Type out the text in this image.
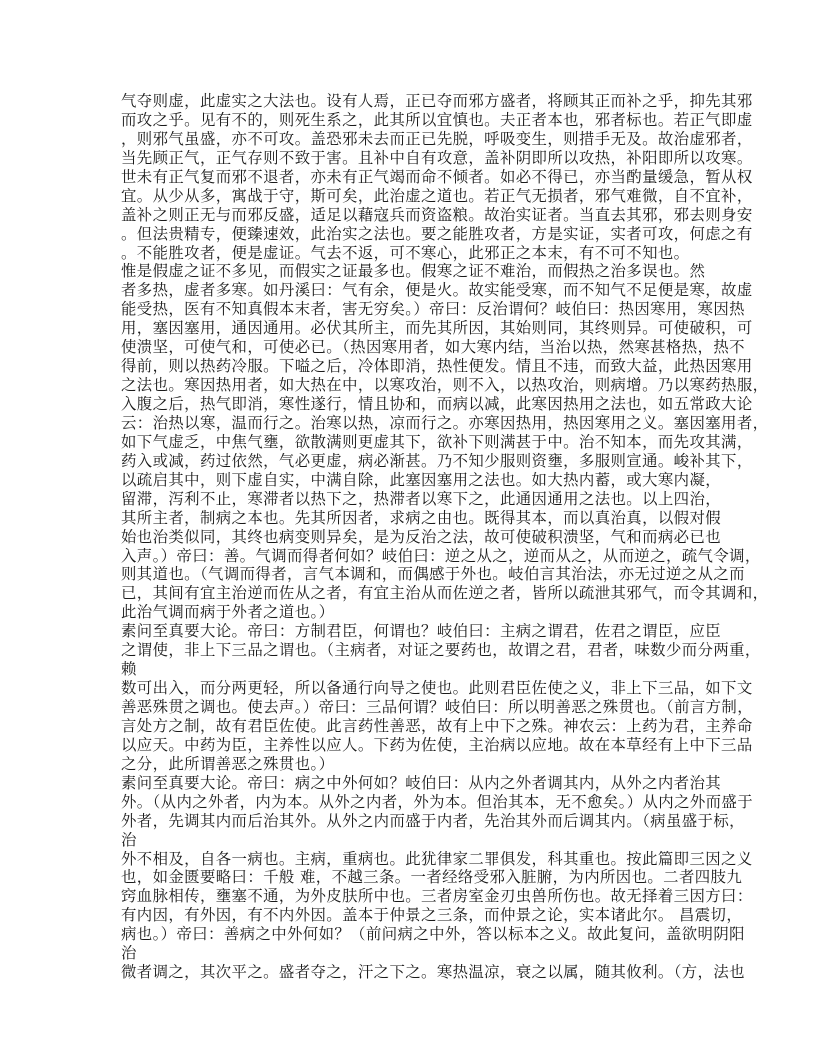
气夺则虚，此虚实之大法也。设有人焉，正已夺而邪方盛者，将顾其正而补之乎，抑先其邪
而攻之乎。见有不的，则死生系之，此其所以宜慎也。夫正者本也，邪者标也。若正气即虚
，则邪气虽盛，亦不可攻。盖恐邪未去而正已先脱，呼吸变生，则措手无及。故治虚邪者，
当先顾正气，正气存则不致于害。且补中自有攻意，盖补阴即所以攻热，补阳即所以攻寒。
世未有正气复而邪不退者，亦未有正气竭而命不倾者。如必不得已，亦当酌量缓急，暂从权
宜。从少从多，寓战于守，斯可矣，此治虚之道也。若正气无损者，邪气难微，自不宜补，
盖补之则正无与而邪反盛，适足以藉寇兵而资盗粮。故治实证者。当直去其邪，邪去则身安
。但法贵精专，便臻速效，此治实之法也。要之能胜攻者，方是实证，实者可攻，何虑之有
。不能胜攻者，便是虚证。气去不返，可不寒心，此邪正之本末，有不可不知也。
惟是假虚之证不多见，而假实之证最多也。假寒之证不难治，而假热之治多误也。然
者多热，虚者多寒。如丹溪曰：气有余，便是火。故实能受寒，而不知气不足便是寒，故虚
能受热，医有不知真假本末者，害无穷矣。）帝曰：反治谓何？岐伯曰：热因寒用，寒因热
用，塞因塞用，通因通用。必伏其所主，而先其所因，其始则同，其终则异。可使破积，可
使溃坚，可使气和，可使必已。（热因寒用者，如大寒内结，当治以热，然寒甚格热，热不
得前，则以热药冷服。下嗌之后，冷体即消，热性便发。情且不违，而致大益，此热因寒用
之法也。寒因热用者，如大热在中，以寒攻治，则不入，以热攻治，则病增。乃以寒药热服，
入腹之后，热气即消，寒性遂行，情且协和，而病以减，此寒因热用之法也，如五常政大论
云：治热以寒，温而行之。治寒以热，凉而行之。亦寒因热用，热因寒用之义。塞因塞用者，
如下气虚乏，中焦气壅，欲散满则更虚其下，欲补下则满甚于中。治不知本，而先攻其满，
药入或减，药过依然，气必更虚，病必渐甚。乃不知少服则资壅，多服则宣通。峻补其下，
以疏启其中，则下虚自实，中满自除，此塞因塞用之法也。如大热内蓄，或大寒内凝，
留滞，泻利不止，寒滞者以热下之，热滞者以寒下之，此通因通用之法也。以上四治，
其所主者，制病之本也。先其所因者，求病之由也。既得其本，而以真治真，以假对假
始也治类似同，其终也病变则异矣，是为反治之法，故可使破积溃坚，气和而病必已也
入声。）帝曰：善。气调而得者何如？岐伯曰：逆之从之，逆而从之，从而逆之，疏气令调，
则其道也。（气调而得者，言气本调和，而偶感于外也。岐伯言其治法，亦无过逆之从之而
已，其间有宜主治逆而佐从之者，有宜主治从而佐逆之者，皆所以疏泄其邪气，而令其调和，
此治气调而病于外者之道也。）
素问至真要大论。帝曰：方制君臣，何谓也？岐伯曰：主病之谓君，佐君之谓臣，应臣
之谓使，非上下三品之谓也。（主病者，对证之要药也，故谓之君，君者，味数少而分两重，
赖
数可出入，而分两更轻，所以备通行向导之使也。此则君臣佐使之义，非上下三品，如下文
善恶殊贯之调也。使去声。）帝曰：三品何谓？岐伯曰：所以明善恶之殊贯也。（前言方制，
言处方之制，故有君臣佐使。此言药性善恶，故有上中下之殊。神农云：上药为君，主养命
以应天。中药为臣，主养性以应人。下药为佐使，主治病以应地。故在本草经有上中下三品
之分，此所谓善恶之殊贯也。）
素问至真要大论。帝曰：病之中外何如？岐伯曰：从内之外者调其内，从外之内者治其
外。（从内之外者，内为本。从外之内者，外为本。但治其本，无不愈矣。）从内之外而盛于
外者，先调其内而后治其外。从外之内而盛于内者，先治其外而后调其内。（病虽盛于标，
治
外不相及，自各一病也。主病，重病也。此犹律家二罪俱发，科其重也。按此篇即三因之义
也，如金匮要略曰：千般 难，不越三条。一者经络受邪入脏腑，为内所因也。二者四肢九
窍血脉相传，壅塞不通，为外皮肤所中也。三者房室金刃虫兽所伤也。故无择着三因方曰：
有内因，有外因，有不内外因。盖本于仲景之三条，而仲景之论，实本诸此尔。 昌震切，
病也。）帝曰：善病之中外何如？（前问病之中外，答以标本之义。故此复问，盖欲明阴阳
治
微者调之，其次平之。盛者夺之，汗之下之。寒热温凉，衰之以属，随其攸利。（方，法也
